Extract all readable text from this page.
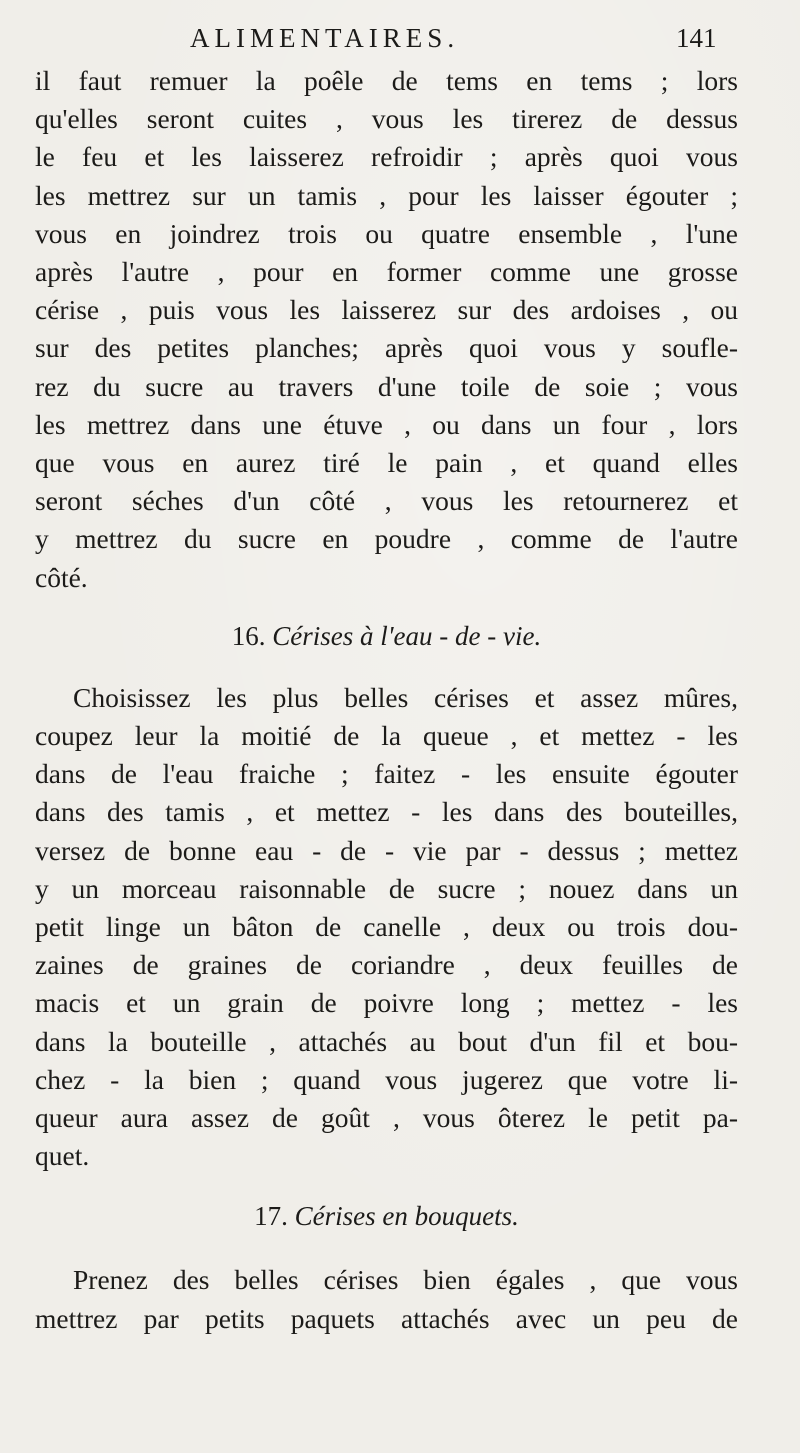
ALIMENTAIRES.	141

il faut remuer la poêle de tems en tems ; lors
qu'elles seront cuites , vous les tirerez de dessus
le feu et les laisserez refroidir ; après quoi vous
les mettrez sur un tamis , pour les laisser égouter ;
vous en joindrez trois ou quatre ensemble , l'une
après l'autre , pour en former comme une grosse
cérise , puis vous les laisserez sur des ardoises , ou
sur des petites planches; après quoi vous y soufle-
rez du sucre au travers d'une toile de soie ; vous
les mettrez dans une étuve , ou dans un four , lors
que vous en aurez tiré le pain , et quand elles
seront séches d'un côté , vous les retournerez et
y mettrez du sucre en poudre , comme de l'autre
côté.

16. Cérises à l'eau - de - vie.

Choisissez les plus belles cérises et assez mûres,
coupez leur la moitié de la queue , et mettez - les
dans de l'eau fraiche ; faitez - les ensuite égouter
dans des tamis , et mettez - les dans des bouteilles,
versez de bonne eau - de - vie par - dessus ; mettez
y un morceau raisonnable de sucre ; nouez dans un
petit linge un bâton de canelle , deux ou trois dou-
zaines de graines de coriandre , deux feuilles de
macis et un grain de poivre long ; mettez - les
dans la bouteille , attachés au bout d'un fil et bou-
chez - la bien ; quand vous jugerez que votre li-
queur aura assez de goût , vous ôterez le petit pa-
quet.

17. Cérises en bouquets.

Prenez des belles cérises bien égales , que vous
mettrez par petits paquets attachés avec un peu de
